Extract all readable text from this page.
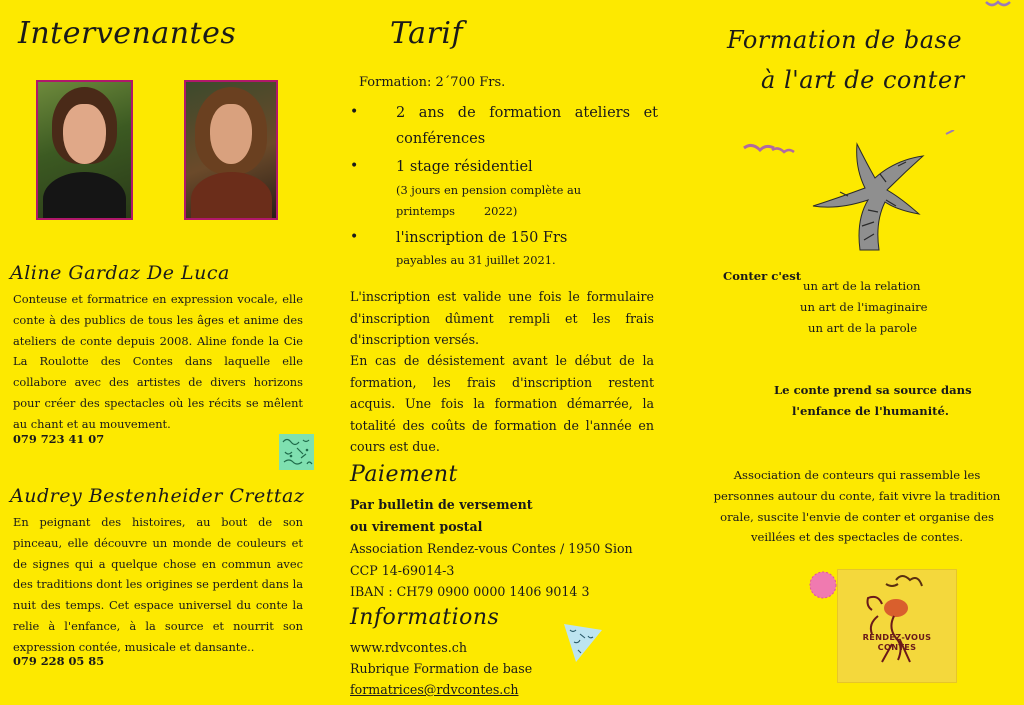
Intervenantes
Aline Gardaz De Luca
Conteuse et formatrice en expression vocale, elle conte à des publics de tous les âges et anime des ateliers de conte depuis 2008. Aline fonde la Cie La Roulotte des Contes dans laquelle elle collabore avec des artistes de divers horizons pour créer des spectacles où les récits se mêlent au chant et au mouvement.
079 723 41 07
Audrey Bestenheider Crettaz
En peignant des histoires, au bout de son pinceau, elle découvre un monde de couleurs et de signes qui a quelque chose en commun avec des traditions dont les origines se perdent dans la nuit des temps. Cet espace universel du conte la relie à l'enfance, à la source et nourrit son expression contée, musicale et dansante..
079 228 05 85
Tarif
Formation: 2´700 Frs.
•	2 ans de formation ateliers et conférences
•	1 stage résidentiel
(3 jours en pension complète au
printemps        2022)
•	l'inscription de 150 Frs
payables au 31 juillet 2021.
L'inscription est valide une fois le formulaire d'inscription dûment rempli et les frais d'inscription versés.
En cas de désistement avant le début de la formation, les frais d'inscription restent acquis. Une fois la formation démarrée, la totalité des coûts de formation de l'année en cours est due.
Paiement
Par bulletin de versement
ou virement postal
Association Rendez-vous Contes / 1950 Sion
CCP 14-69014-3
IBAN : CH79 0900 0000 1406 9014 3
Informations
www.rdvcontes.ch
Rubrique Formation de base
formatrices@rdvcontes.ch
Formation de base
à l'art de conter
Conter c'est
un art de la relation
un art de l'imaginaire
un art de la parole
Le conte prend sa source dans
l'enfance de l'humanité.
Association de conteurs qui rassemble les personnes autour du conte, fait vivre la tradition orale, suscite l'envie de conter et organise des veillées et des spectacles de contes.
RENDEZ-VOUS
CONTES
